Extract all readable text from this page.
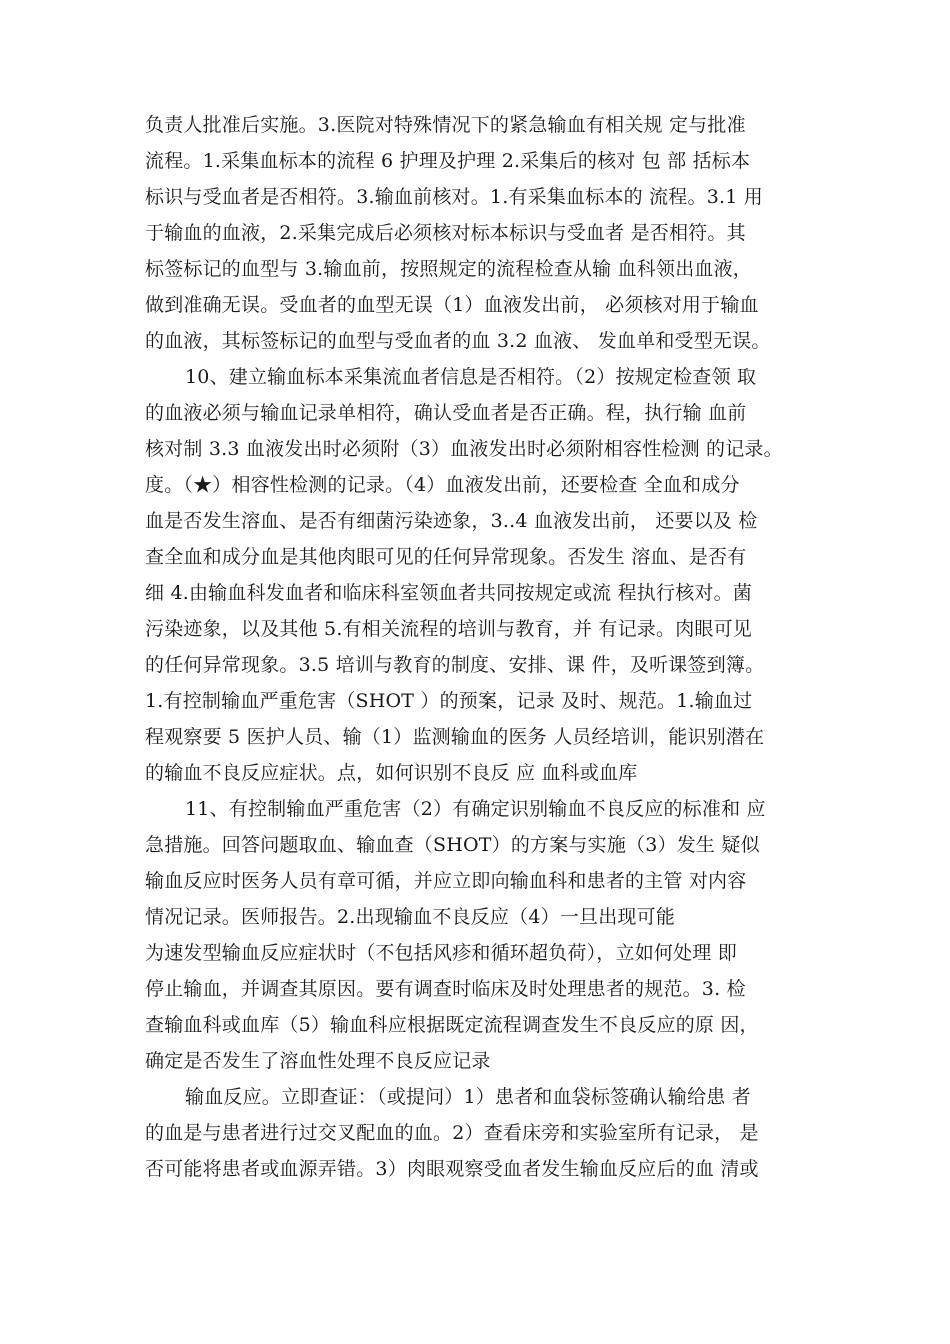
负责人批准后实施。3.医院对特殊情况下的紧急输血有相关规 定与批准
流程。1.采集血标本的流程 6 护理及护理 2.采集后的核对 包 部 括标本
标识与受血者是否相符。3.输血前核对。1.有采集血标本的 流程。3.1 用
于输血的血液，2.采集完成后必须核对标本标识与受血者 是否相符。其
标签标记的血型与 3.输血前，按照规定的流程检查从输 血科领出血液，
做到准确无误。受血者的血型无误（1）血液发出前， 必须核对用于输血
的血液，其标签标记的血型与受血者的血 3.2 血液、 发血单和受型无误。
10、建立输血标本采集流血者信息是否相符。（2）按规定检查领 取
的血液必须与输血记录单相符，确认受血者是否正确。程，执行输 血前
核对制 3.3 血液发出时必须附（3）血液发出时必须附相容性检测 的记录。
度。（★）相容性检测的记录。（4）血液发出前，还要检查 全血和成分
血是否发生溶血、是否有细菌污染迹象，3..4 血液发出前， 还要以及 检
查全血和成分血是其他肉眼可见的任何异常现象。否发生 溶血、是否有
细 4.由输血科发血者和临床科室领血者共同按规定或流 程执行核对。菌
污染迹象，以及其他 5.有相关流程的培训与教育，并 有记录。肉眼可见
的任何异常现象。3.5 培训与教育的制度、安排、课 件，及听课签到簿。
1.有控制输血严重危害（SHOT ）的预案，记录 及时、规范。1.输血过
程观察要 5 医护人员、输（1）监测输血的医务 人员经培训，能识别潜在
的输血不良反应症状。点，如何识别不良反 应 血科或血库
11、有控制输血严重危害（2）有确定识别输血不良反应的标准和 应
急措施。回答问题取血、输血查（SHOT）的方案与实施（3）发生 疑似
输血反应时医务人员有章可循，并应立即向输血科和患者的主管 对内容
情况记录。医师报告。2.出现输血不良反应（4）一旦出现可能
为速发型输血反应症状时（不包括风疹和循环超负荷），立如何处理 即
停止输血，并调查其原因。要有调查时临床及时处理患者的规范。3. 检
查输血科或血库（5）输血科应根据既定流程调查发生不良反应的原 因，
确定是否发生了溶血性处理不良反应记录
输血反应。立即查证：（或提问）1）患者和血袋标签确认输给患 者
的血是与患者进行过交叉配血的血。2）查看床旁和实验室所有记录， 是
否可能将患者或血源弄错。3）肉眼观察受血者发生输血反应后的血 清或
